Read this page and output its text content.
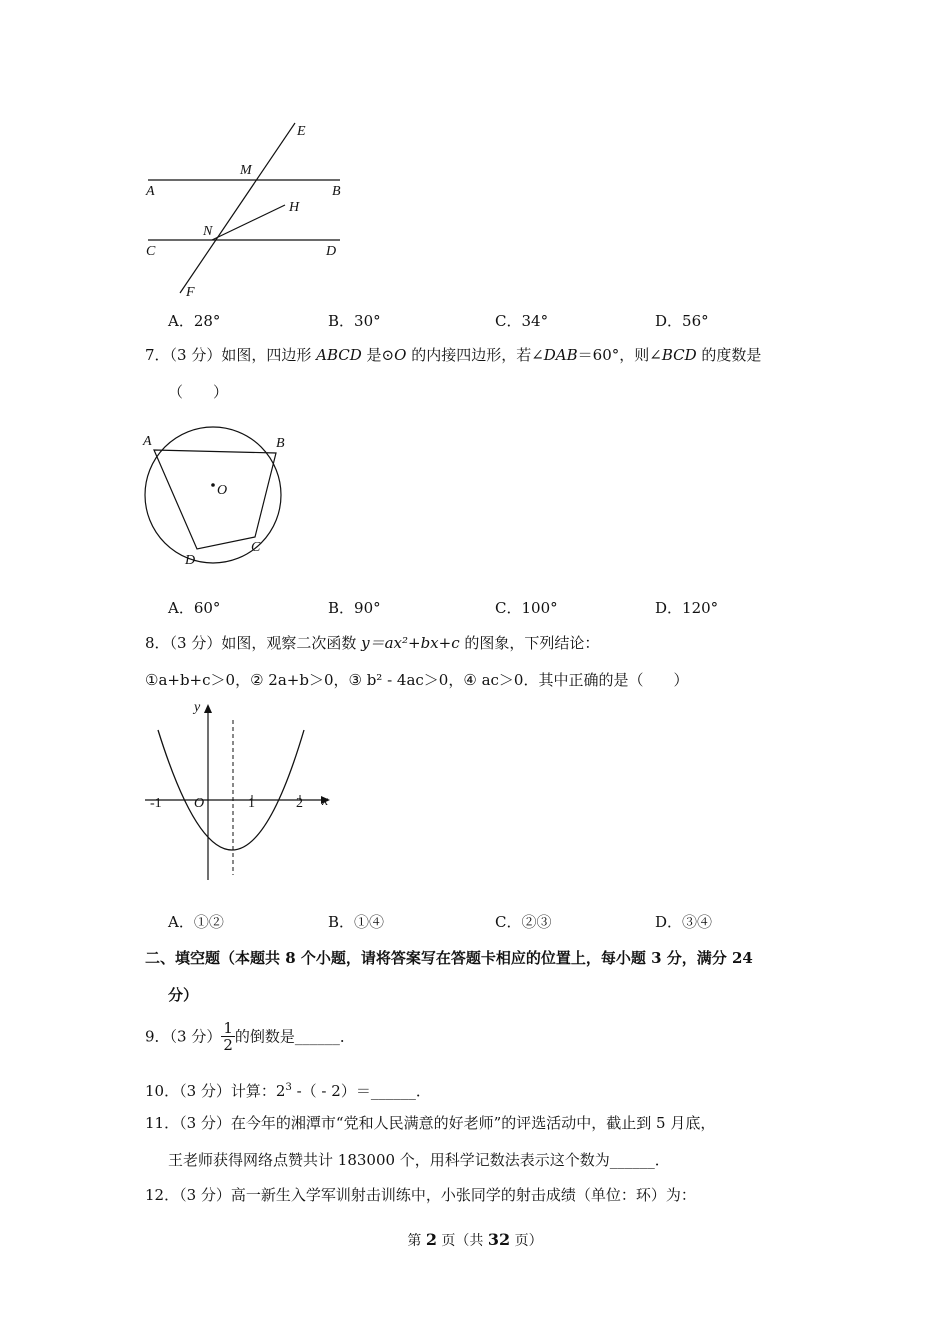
E
M
A	B
H
N
C	D
F
A．28°	B．30°	C．34°	D．56°
7．（3 分）如图，四边形 ABCD 是⊙O 的内接四边形，若∠DAB＝60°，则∠BCD 的度数是
（　　）
A	B
O
C
D
A．60°	B．90°	C．100°	D．120°
8．（3 分）如图，观察二次函数 y＝ax²+bx+c 的图象，下列结论：
①a+b+c＞0，② 2a+b＞0，③ b² - 4ac＞0，④ ac＞0．其中正确的是（　　）
y
x
-1 O	1	2
A．①②	B．①④	C．②③	D．③④
二、填空题（本题共 8 个小题，请将答案写在答题卡相应的位置上，每小题 3 分，满分 24
分）
9．（3 分） $\frac{1}{2}$ 的倒数是______．
10．（3 分）计算：$2^3$ -（ - 2）＝______．
11．（3 分）在今年的湘潭市“党和人民满意的好老师”的评选活动中，截止到 5 月底，
王老师获得网络点赞共计 183000 个，用科学记数法表示这个数为______．
12．（3 分）高一新生入学军训射击训练中，小张同学的射击成绩（单位：环）为：
第 2 页（共 32 页）
